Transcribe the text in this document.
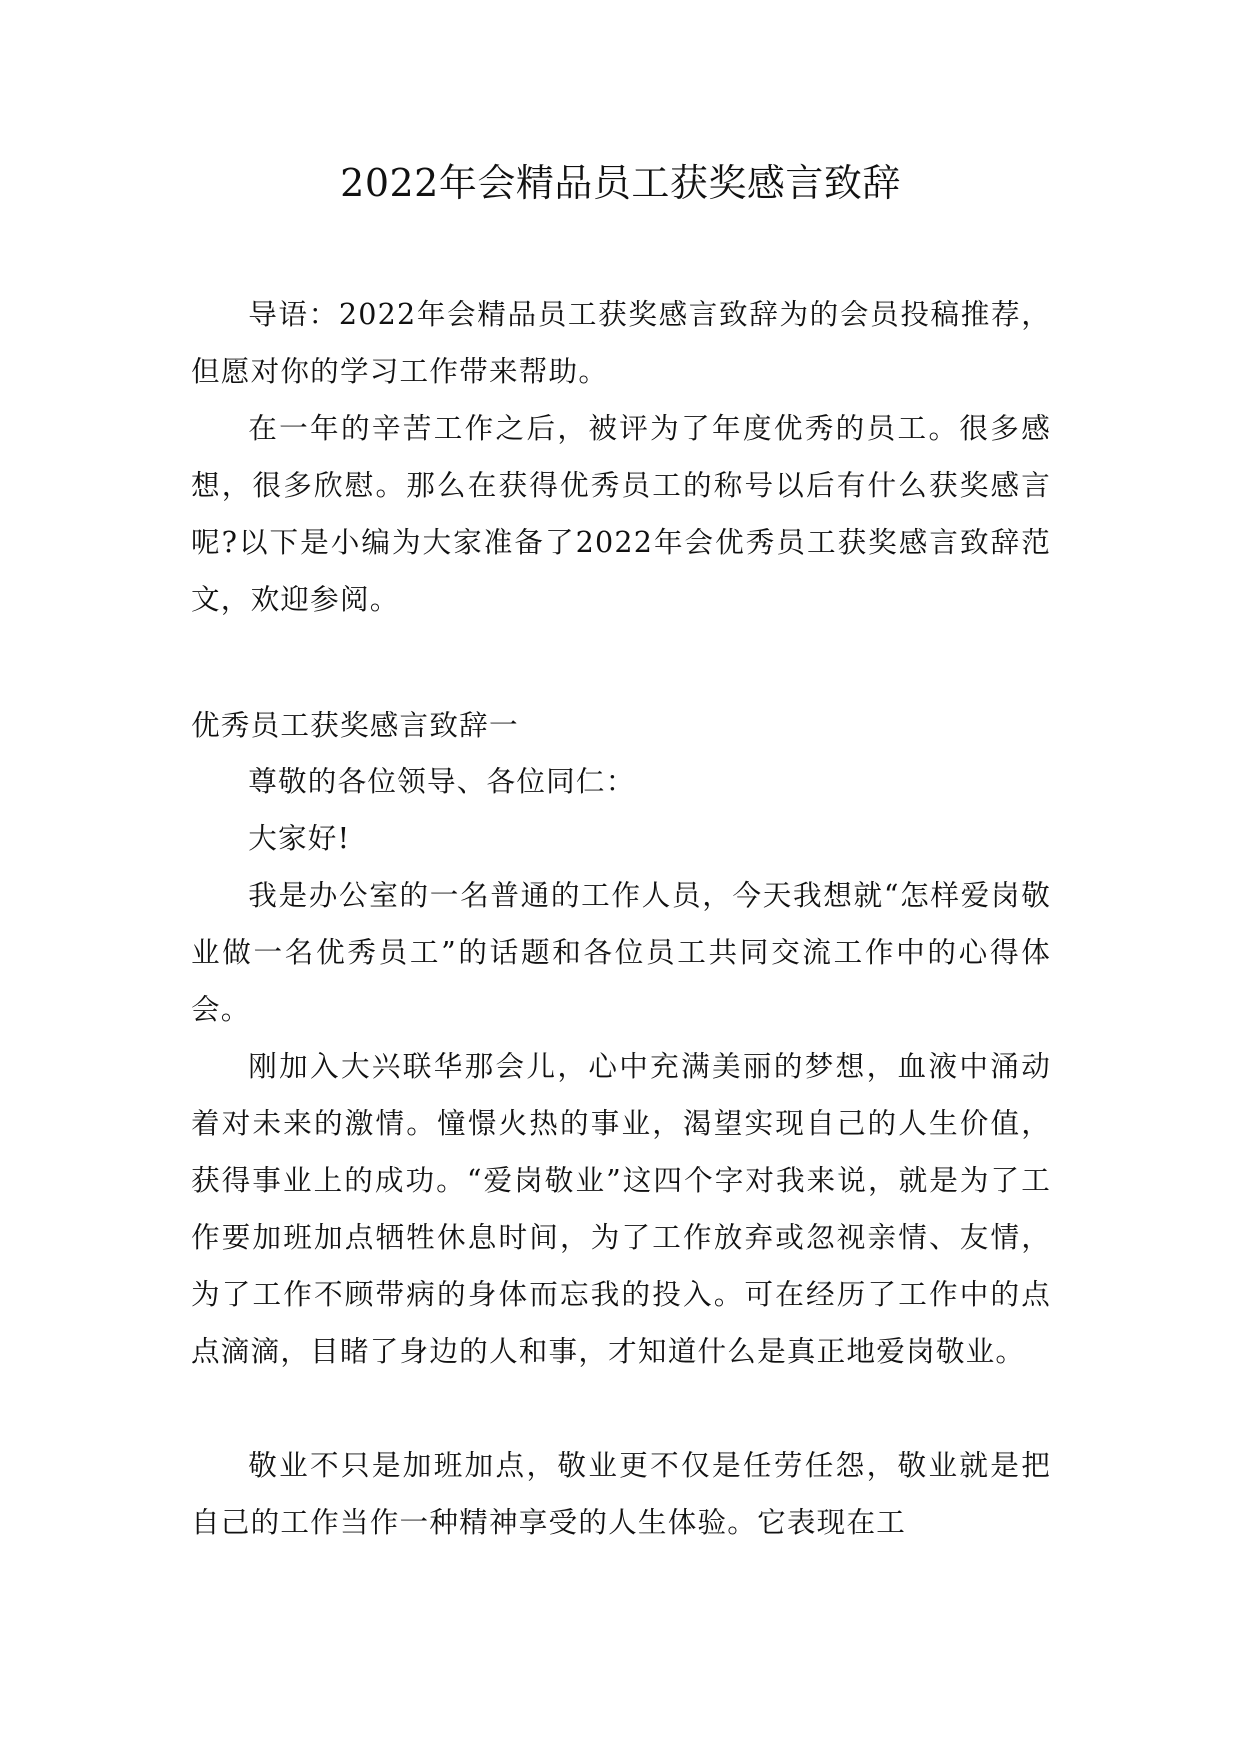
2022年会精品员工获奖感言致辞

导语：2022年会精品员工获奖感言致辞为的会员投稿推荐，但愿对你的学习工作带来帮助。

在一年的辛苦工作之后，被评为了年度优秀的员工。很多感想，很多欣慰。那么在获得优秀员工的称号以后有什么获奖感言呢?以下是小编为大家准备了2022年会优秀员工获奖感言致辞范文，欢迎参阅。

优秀员工获奖感言致辞一

尊敬的各位领导、各位同仁：

大家好!

我是办公室的一名普通的工作人员，今天我想就“怎样爱岗敬业做一名优秀员工”的话题和各位员工共同交流工作中的心得体会。

刚加入大兴联华那会儿，心中充满美丽的梦想，血液中涌动着对未来的激情。憧憬火热的事业，渴望实现自己的人生价值，获得事业上的成功。“爱岗敬业”这四个字对我来说，就是为了工作要加班加点牺牲休息时间，为了工作放弃或忽视亲情、友情，为了工作不顾带病的身体而忘我的投入。可在经历了工作中的点点滴滴，目睹了身边的人和事，才知道什么是真正地爱岗敬业。

敬业不只是加班加点，敬业更不仅是任劳任怨，敬业就是把自己的工作当作一种精神享受的人生体验。它表现在工
